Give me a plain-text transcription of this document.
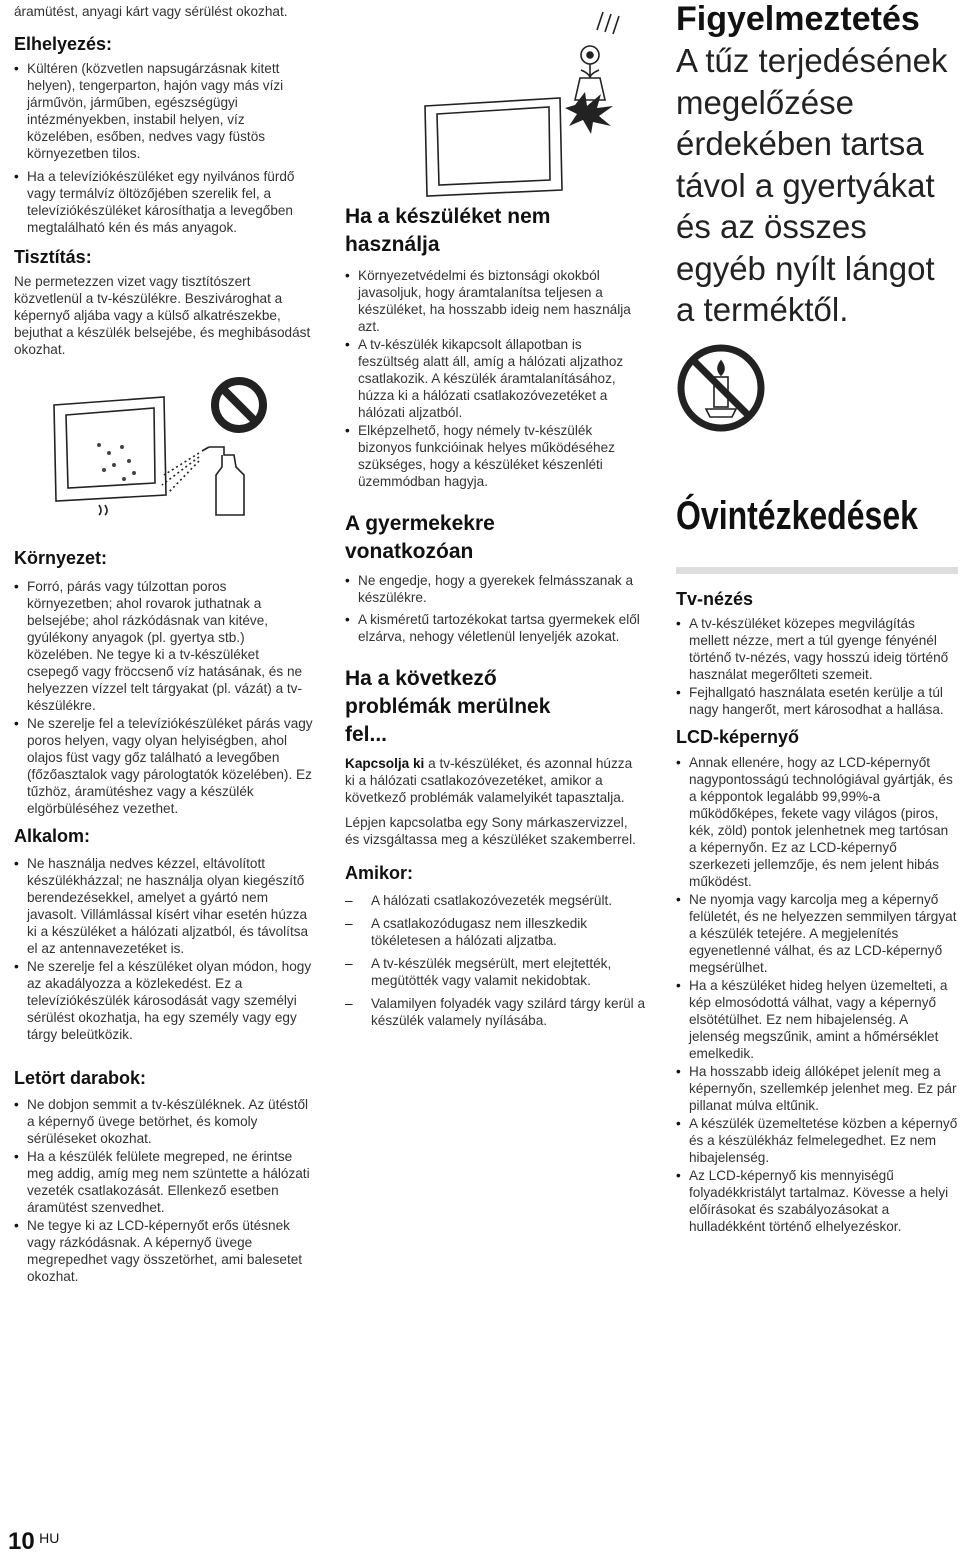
áramütést, anyagi kárt vagy sérülést okozhat.

Elhelyezés:
• Kültéren (közvetlen napsugárzásnak kitett helyen), tengerparton, hajón vagy más vízi járművön, járműben, egészségügyi intézményekben, instabil helyen, víz közelében, esőben, nedves vagy füstös környezetben tilos.
• Ha a televíziókészüléket egy nyilvános fürdő vagy termálvíz öltözőjében szerelik fel, a televíziókészüléket károsíthatja a levegőben megtalálható kén és más anyagok.
Tisztítás:

Ne permetezzen vizet vagy tisztítószert közvetlenül a tv-készülékre. Beszivároghat a képernyő aljába vagy a külső alkatrészekbe, bejuthat a készülék belsejébe, és meghibásodást okozhat.

Környezet:
• Forró, párás vagy túlzottan poros környezetben; ahol rovarok juthatnak a belsejébe; ahol rázkódásnak van kitéve, gyúlékony anyagok (pl. gyertya stb.) közelében. Ne tegye ki a tv-készüléket csepegő vagy fröccsenő víz hatásának, és ne helyezzen vízzel telt tárgyakat (pl. vázát) a tv-készülékre.
• Ne szerelje fel a televíziókészüléket párás vagy poros helyen, vagy olyan helyiségben, ahol olajos füst vagy gőz található a levegőben (főzőasztalok vagy párologtatók közelében). Ez tűzhöz, áramütéshez vagy a készülék elgörbüléséhez vezethet.
Alkalom:
• Ne használja nedves kézzel, eltávolított készülékházzal; ne használja olyan kiegészítő berendezésekkel, amelyet a gyártó nem javasolt. Villámlással kísért vihar esetén húzza ki a készüléket a hálózati aljzatból, és távolítsa el az antennavezetéket is.
• Ne szerelje fel a készüléket olyan módon, hogy az akadályozza a közlekedést. Ez a televíziókészülék károsodását vagy személyi sérülést okozhatja, ha egy személy vagy egy tárgy beleütközik.
Letört darabok:
• Ne dobjon semmit a tv-készüléknek. Az ütéstől a képernyő üvege betörhet, és komoly sérüléseket okozhat.
• Ha a készülék felülete megreped, ne érintse meg addig, amíg meg nem szüntette a hálózati vezeték csatlakozását. Ellenkező esetben áramütést szenvedhet.
• Ne tegye ki az LCD-képernyőt erős ütésnek vagy rázkódásnak. A képernyő üvege megrepedhet vagy összetörhet, ami balesetet okozhat.
Ha a készüléket nem használja
• Környezetvédelmi és biztonsági okokból javasoljuk, hogy áramtalanítsa teljesen a készüléket, ha hosszabb ideig nem használja azt.
• A tv-készülék kikapcsolt állapotban is feszültség alatt áll, amíg a hálózati aljzathoz csatlakozik. A készülék áramtalanításához, húzza ki a hálózati csatlakozóvezetéket a hálózati aljzatból.
• Elképzelhető, hogy némely tv-készülék bizonyos funkcióinak helyes működéséhez szükséges, hogy a készüléket készenléti üzemmódban hagyja.
A gyermekekre vonatkozóan
• Ne engedje, hogy a gyerekek felmásszanak a készülékre.
• A kisméretű tartozékokat tartsa gyermekek elől elzárva, nehogy véletlenül lenyeljék azokat.
Ha a következő problémák merülnek fel...

Kapcsolja ki a tv-készüléket, és azonnal húzza ki a hálózati csatlakozóvezetéket, amikor a következő problémák valamelyikét tapasztalja.

Lépjen kapcsolatba egy Sony márkaszervizzel, és vizsgáltassa meg a készüléket szakemberrel.

Amikor:
– A hálózati csatlakozóvezeték megsérült.
– A csatlakozódugasz nem illeszkedik tökéletesen a hálózati aljzatba.
– A tv-készülék megsérült, mert elejtették, megütötték vagy valamit nekidobtak.
– Valamilyen folyadék vagy szilárd tárgy kerül a készülék valamely nyílásába.
Figyelmeztetés
A tűz terjedésének megelőzése érdekében tartsa távol a gyertyákat és az összes egyéb nyílt lángot a terméktől.
Óvintézkedések
Tv-nézés
• A tv-készüléket közepes megvilágítás mellett nézze, mert a túl gyenge fényénél történő tv-nézés, vagy hosszú ideig történő használat megerőlteti szemeit.
• Fejhallgató használata esetén kerülje a túl nagy hangerőt, mert károsodhat a hallása.
LCD-képernyő
• Annak ellenére, hogy az LCD-képernyőt nagypontosságú technológiával gyártják, és a képpontok legalább 99,99%-a működőképes, fekete vagy világos (piros, kék, zöld) pontok jelenhetnek meg tartósan a képernyőn. Ez az LCD-képernyő szerkezeti jellemzője, és nem jelent hibás működést.
• Ne nyomja vagy karcolja meg a képernyő felületét, és ne helyezzen semmilyen tárgyat a készülék tetejére. A megjelenítés egyenetlenné válhat, és az LCD-képernyő megsérülhet.
• Ha a készüléket hideg helyen üzemelteti, a kép elmosódottá válhat, vagy a képernyő elsötétülhet. Ez nem hibajelenség. A jelenség megszűnik, amint a hőmérséklet emelkedik.
• Ha hosszabb ideig állóképet jelenít meg a képernyőn, szellemkép jelenhet meg. Ez pár pillanat múlva eltűnik.
• A készülék üzemeltetése közben a képernyő és a készülékház felmelegedhet. Ez nem hibajelenség.
• Az LCD-képernyő kis mennyiségű folyadékkristályt tartalmaz. Kövesse a helyi előírásokat és szabályozásokat a hulladékként történő elhelyezéskor.
10 HU
